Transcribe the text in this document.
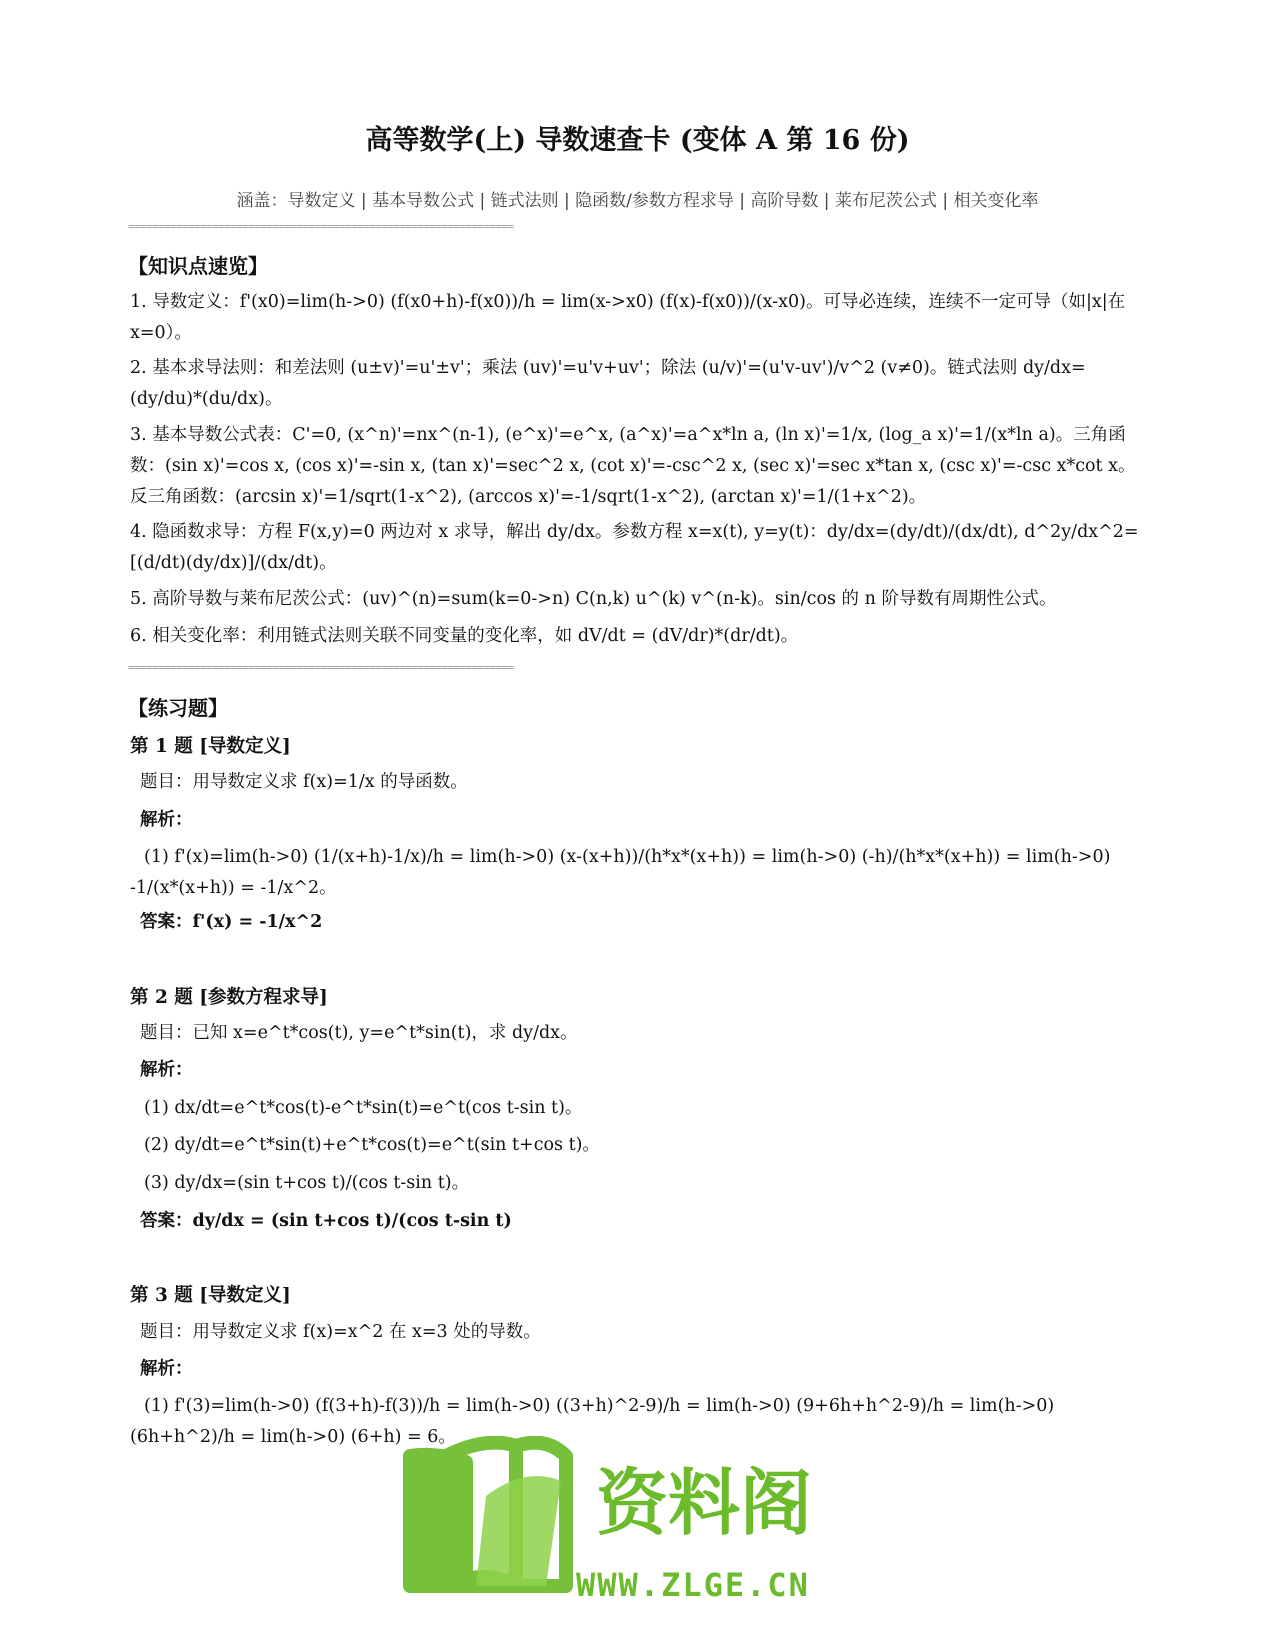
高等数学(上) 导数速查卡 (变体 A 第 16 份)
涵盖：导数定义 | 基本导数公式 | 链式法则 | 隐函数/参数方程求导 | 高阶导数 | 莱布尼茨公式 | 相关变化率
================================================================
【知识点速览】
1. 导数定义：f'(x0)=lim(h->0) (f(x0+h)-f(x0))/h = lim(x->x0) (f(x)-f(x0))/(x-x0)。可导必连续，连续不一定可导（如|x|在 x=0）。
2. 基本求导法则：和差法则 (u±v)'=u'±v'；乘法 (uv)'=u'v+uv'；除法 (u/v)'=(u'v-uv')/v^2 (v≠0)。链式法则 dy/dx=(dy/du)*(du/dx)。
3. 基本导数公式表：C'=0, (x^n)'=nx^(n-1), (e^x)'=e^x, (a^x)'=a^x*ln a, (ln x)'=1/x, (log_a x)'=1/(x*ln a)。三角函数：(sin x)'=cos x, (cos x)'=-sin x, (tan x)'=sec^2 x, (cot x)'=-csc^2 x, (sec x)'=sec x*tan x, (csc x)'=-csc x*cot x。反三角函数：(arcsin x)'=1/sqrt(1-x^2), (arccos x)'=-1/sqrt(1-x^2), (arctan x)'=1/(1+x^2)。
4. 隐函数求导：方程 F(x,y)=0 两边对 x 求导，解出 dy/dx。参数方程 x=x(t), y=y(t)：dy/dx=(dy/dt)/(dx/dt), d^2y/dx^2=[(d/dt)(dy/dx)]/(dx/dt)。
5. 高阶导数与莱布尼茨公式：(uv)^(n)=sum(k=0->n) C(n,k) u^(k) v^(n-k)。sin/cos 的 n 阶导数有周期性公式。
6. 相关变化率：利用链式法则关联不同变量的变化率，如 dV/dt = (dV/dr)*(dr/dt)。
================================================================
【练习题】
第 1 题 [导数定义]
题目：用导数定义求 f(x)=1/x 的导函数。
解析：
(1) f'(x)=lim(h->0) (1/(x+h)-1/x)/h = lim(h->0) (x-(x+h))/(h*x*(x+h)) = lim(h->0) (-h)/(h*x*(x+h)) = lim(h->0) -1/(x*(x+h)) = -1/x^2。
答案：f'(x) = -1/x^2
第 2 题 [参数方程求导]
题目：已知 x=e^t*cos(t), y=e^t*sin(t)，求 dy/dx。
解析：
(1) dx/dt=e^t*cos(t)-e^t*sin(t)=e^t(cos t-sin t)。
(2) dy/dt=e^t*sin(t)+e^t*cos(t)=e^t(sin t+cos t)。
(3) dy/dx=(sin t+cos t)/(cos t-sin t)。
答案：dy/dx = (sin t+cos t)/(cos t-sin t)
第 3 题 [导数定义]
题目：用导数定义求 f(x)=x^2 在 x=3 处的导数。
解析：
(1) f'(3)=lim(h->0) (f(3+h)-f(3))/h = lim(h->0) ((3+h)^2-9)/h = lim(h->0) (9+6h+h^2-9)/h = lim(h->0) (6h+h^2)/h = lim(h->0) (6+h) = 6。
资料阁
WWW.ZLGE.CN
